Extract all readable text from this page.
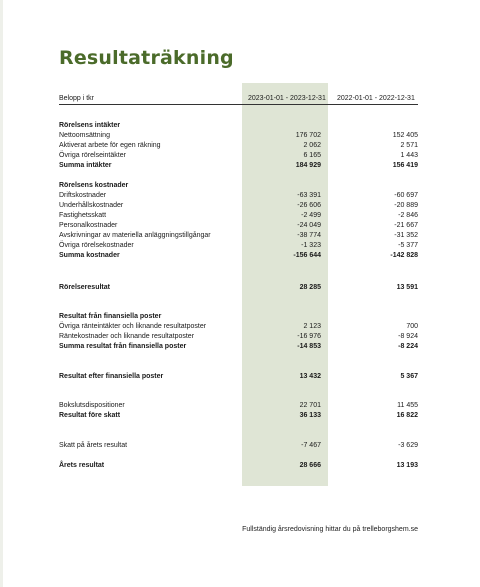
Resultaträkning
Belopp i tkr	2023-01-01 - 2023-12-31 2022-01-01 - 2022-12-31
Rörelsens intäkter
Nettoomsättning	176 702	152 405
Aktiverat arbete för egen räkning	2 062	2 571
Övriga rörelseintäkter	6 165	1 443
Summa intäkter	184 929	156 419
Rörelsens kostnader
Driftskostnader	-63 391	-60 697
Underhållskostnader	-26 606	-20 889
Fastighetsskatt	-2 499	-2 846
Personalkostnader	-24 049	-21 667
Avskrivningar av materiella anläggningstillgångar	-38 774	-31 352
Övriga rörelsekostnader	-1 323	-5 377
Summa kostnader	-156 644	-142 828
Rörelseresultat	28 285	13 591
Resultat från finansiella poster
Övriga ränteintäkter och liknande resultatposter	2 123	700
Räntekostnader och liknande resultatposter	-16 976	-8 924
Summa resultat från finansiella poster	-14 853	-8 224
Resultat efter finansiella poster	13 432	5 367
Bokslutsdispositioner	22 701	11 455
Resultat före skatt	36 133	16 822
Skatt på årets resultat	-7 467	-3 629
Årets resultat	28 666	13 193
Fullständig årsredovisning hittar du på trelleborgshem.se
